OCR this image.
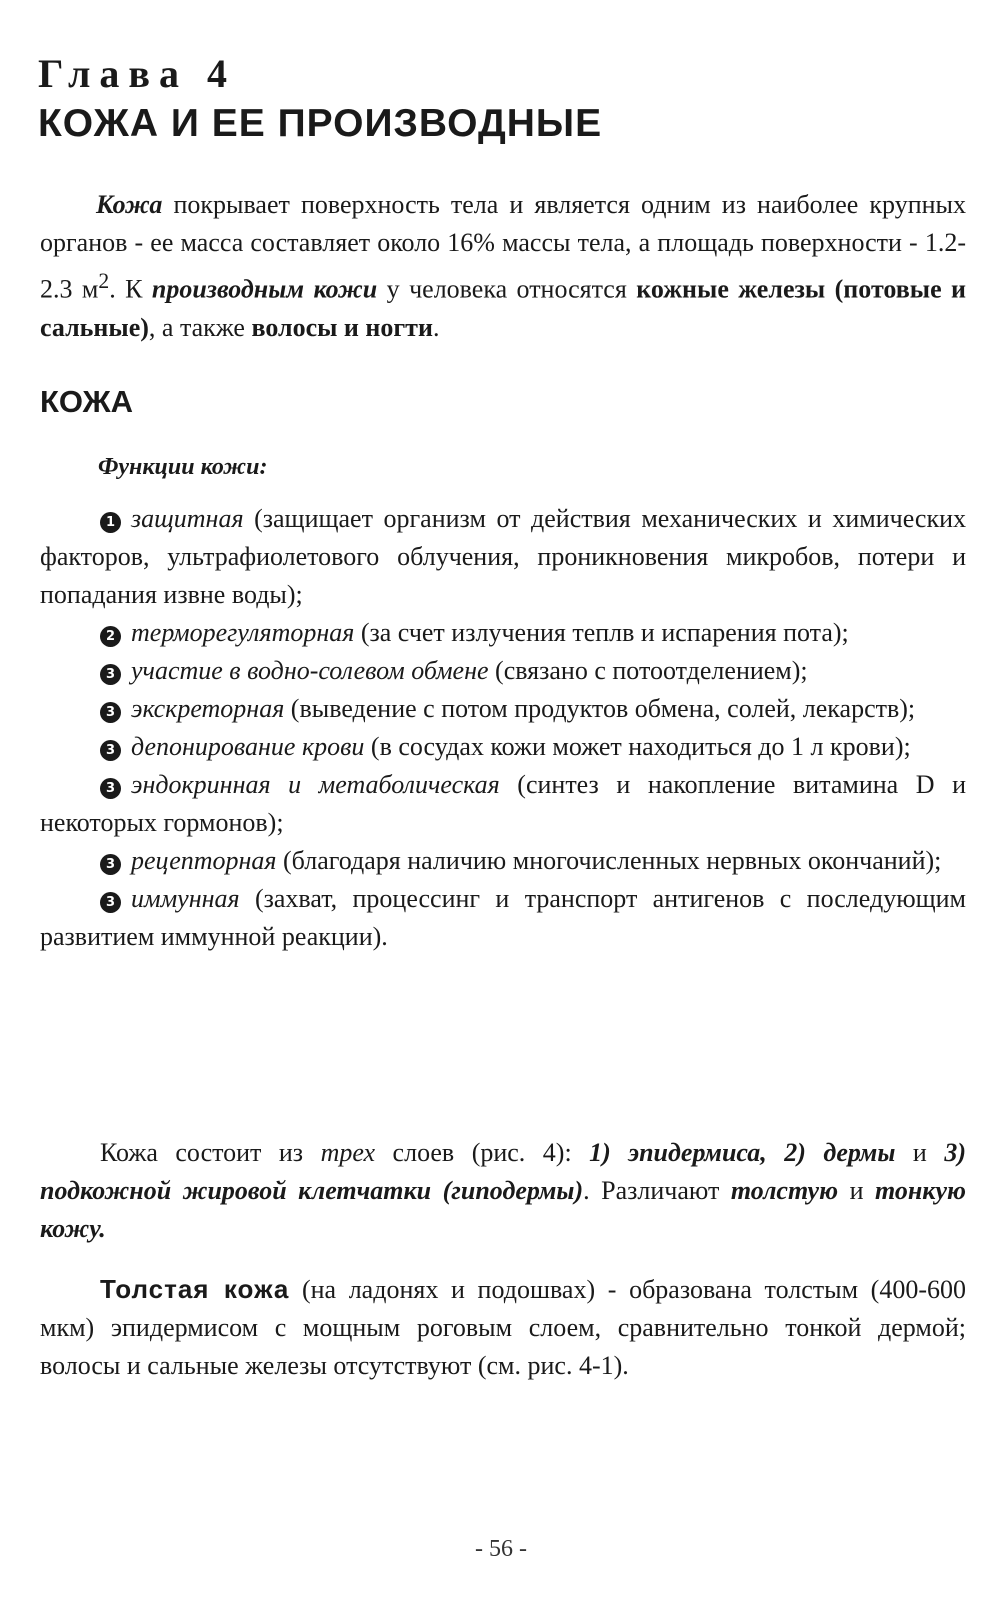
Глава 4
КОЖА И ЕЕ ПРОИЗВОДНЫЕ

Кожа покрывает поверхность тела и является одним из наиболее крупных органов - ее масса составляет около 16% массы тела, а площадь поверхности - 1.2-2.3 $м^2$. К производным кожи у человека относятся кожные железы (потовые и сальные), а также волосы и ногти.

КОЖА
Функции кожи:
1 защитная (защищает организм от действия механических и химических факторов, ультрафиолетового облучения, проникновения микробов, потери и попадания извне воды);
2 терморегуляторная (за счет излучения теплв и испарения пота);
3 участие в водно-солевом обмене (связано с потоотделением);
3 экскреторная (выведение с потом продуктов обмена, солей, лекарств);
3 депонирование крови (в сосудах кожи может находиться до 1 л крови);
3 эндокринная и метаболическая (синтез и накопление витамина D и некоторых гормонов);
3 рецепторная (благодаря наличию многочисленных нервных окончаний);
3 иммунная (захват, процессинг и транспорт антигенов с последующим развитием иммунной реакции).

Кожа состоит из трех слоев (рис. 4): 1) эпидермиса, 2) дермы и 3) подкожной жировой клетчатки (гиподермы). Различают толстую и тонкую кожу.

Толстая кожа (на ладонях и подошвах) - образована толстым (400-600 мкм) эпидермисом с мощным роговым слоем, сравнительно тонкой дермой; волосы и сальные железы отсутствуют (см. рис. 4-1).

- 56 -
